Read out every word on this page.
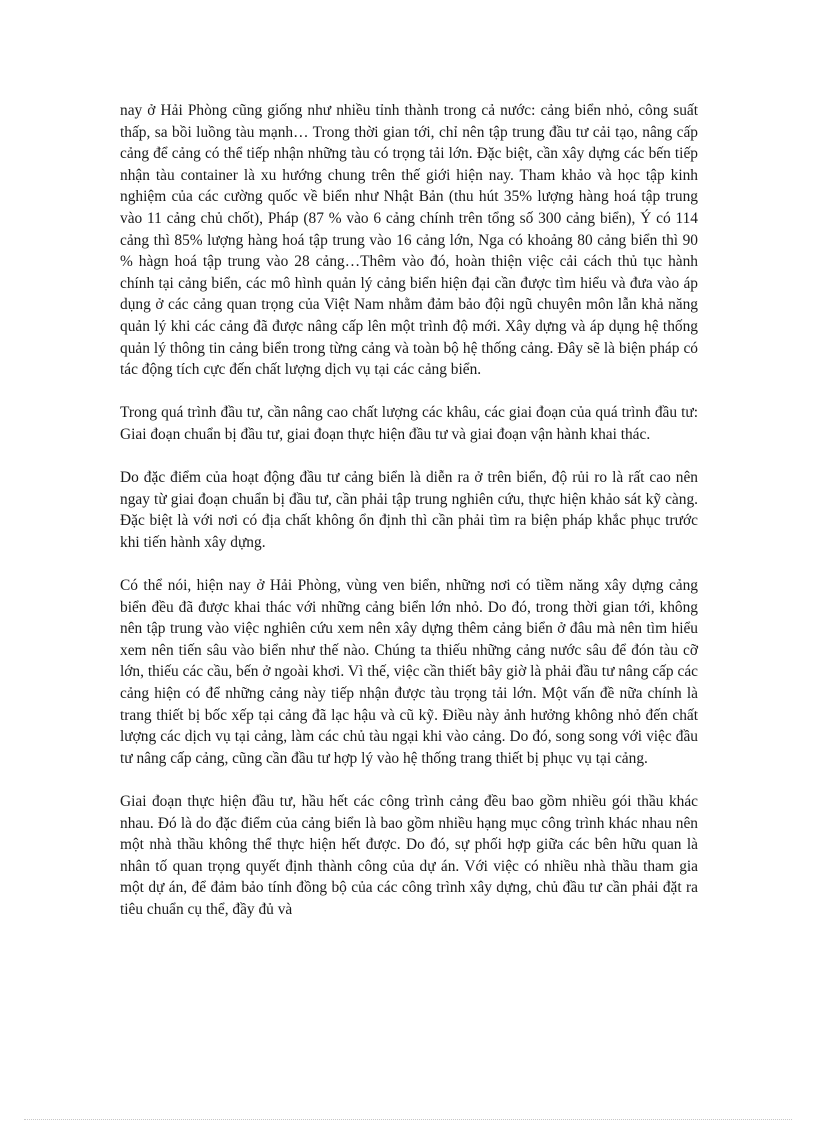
nay ở Hải Phòng cũng giống như nhiều tỉnh thành trong cả nước: cảng biển nhỏ, công suất thấp, sa bồi luồng tàu mạnh… Trong thời gian tới, chỉ nên tập trung đầu tư cải tạo, nâng cấp cảng để cảng có thể tiếp nhận những tàu có trọng tải lớn. Đặc biệt, cần xây dựng các bến tiếp nhận tàu container là xu hướng chung trên thế giới hiện nay. Tham khảo và học tập kinh nghiệm của các cường quốc về biển như Nhật Bản (thu hút 35% lượng hàng hoá tập trung vào 11 cảng chủ chốt), Pháp (87 % vào 6 cảng chính trên tổng số 300 cảng biển), Ý có 114 cảng thì 85% lượng hàng hoá tập trung vào 16 cảng lớn, Nga có khoảng 80 cảng biển thì 90 % hàgn hoá tập trung vào 28 cảng…Thêm vào đó, hoàn thiện việc cải cách thủ tục hành chính tại cảng biển, các mô hình quản lý cảng biển hiện đại cần được tìm hiểu và đưa vào áp dụng ở các cảng quan trọng của Việt Nam nhằm đảm bảo đội ngũ chuyên môn lẫn khả năng quản lý khi các cảng đã được nâng cấp lên một trình độ mới. Xây dựng và áp dụng hệ thống quản lý thông tin cảng biển trong từng cảng và toàn bộ hệ thống cảng. Đây sẽ là biện pháp có tác động tích cực đến chất lượng dịch vụ tại các cảng biển.

Trong quá trình đầu tư, cần nâng cao chất lượng các khâu, các giai đoạn của quá trình đầu tư: Giai đoạn chuẩn bị đầu tư, giai đoạn thực hiện đầu tư và giai đoạn vận hành khai thác.

Do đặc điểm của hoạt động đầu tư cảng biển là diễn ra ở trên biển, độ rủi ro là rất cao nên ngay từ giai đoạn chuẩn bị đầu tư, cần phải tập trung nghiên cứu, thực hiện khảo sát kỹ càng. Đặc biệt là với nơi có địa chất không ổn định thì cần phải tìm ra biện pháp khắc phục trước khi tiến hành xây dựng.

Có thể nói, hiện nay ở Hải Phòng, vùng ven biển, những nơi có tiềm năng xây dựng cảng biển đều đã được khai thác với những cảng biển lớn nhỏ. Do đó, trong thời gian tới, không nên tập trung vào việc nghiên cứu xem nên xây dựng thêm cảng biển ở đâu mà nên tìm hiểu xem nên tiến sâu vào biển như thế nào. Chúng ta thiếu những cảng nước sâu để đón tàu cỡ lớn, thiếu các cầu, bến ở ngoài khơi. Vì thế, việc cần thiết bây giờ là phải đầu tư nâng cấp các cảng hiện có để những cảng này tiếp nhận được tàu trọng tải lớn. Một vấn đề nữa chính là trang thiết bị bốc xếp tại cảng đã lạc hậu và cũ kỹ. Điều này ảnh hưởng không nhỏ đến chất lượng các dịch vụ tại cảng, làm các chủ tàu ngại khi vào cảng. Do đó, song song với việc đầu tư nâng cấp cảng, cũng cần đầu tư hợp lý vào hệ thống trang thiết bị phục vụ tại cảng.

Giai đoạn thực hiện đầu tư, hầu hết các công trình cảng đều bao gồm nhiều gói thầu khác nhau. Đó là do đặc điểm của cảng biển là bao gồm nhiều hạng mục công trình khác nhau nên một nhà thầu không thể thực hiện hết được. Do đó, sự phối hợp giữa các bên hữu quan là nhân tố quan trọng quyết định thành công của dự án. Với việc có nhiều nhà thầu tham gia một dự án, để đảm bảo tính đồng bộ của các công trình xây dựng, chủ đầu tư cần phải đặt ra tiêu chuẩn cụ thể, đầy đủ và
